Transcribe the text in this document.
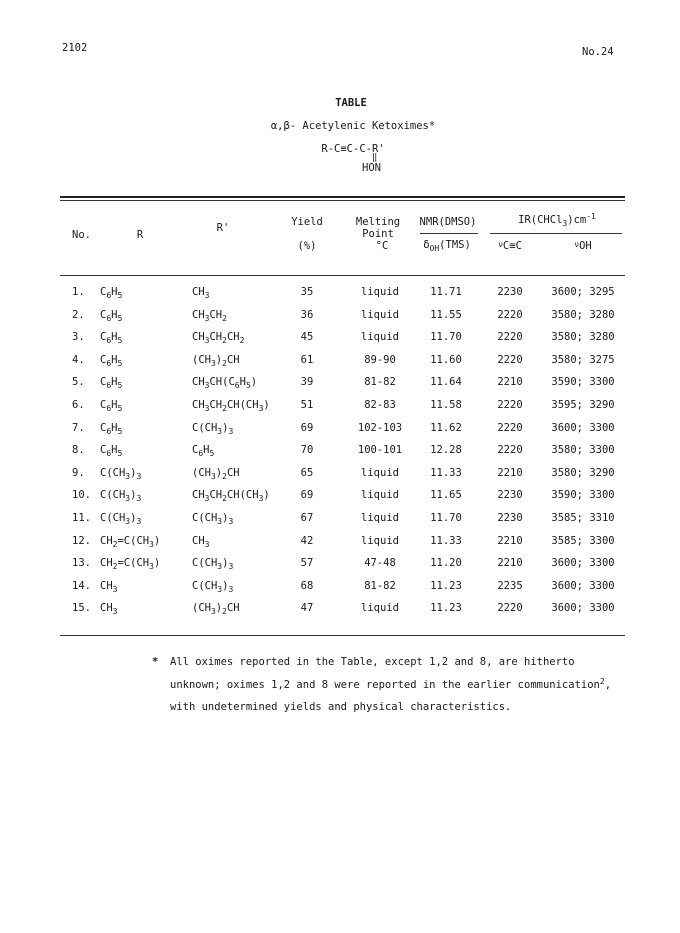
2102	No.24
TABLE
α,β- Acetylenic Ketoximes*
R-C≡C-C-R'
‖
HON
No.	R
R'	Yield
(%)
Melting
Point
°C
NMR(DMSO)
$\delta_{OH}(TMS)$
$IR(CHCl_3)cm^{-1}$
$^\nu$C≡C	$^\nu$OH
1. $C_6H_5$	$CH_3$	35	liquid	11.71	2230	3600; 3295
2. $C_6H_5$	$CH_3CH_2$	36	liquid	11.55	2220	3580; 3280
3. $C_6H_5$	$CH_3CH_2CH_2$	45	liquid	11.70	2220	3580; 3280
4. $C_6H_5$	$(CH_3)_2CH$	61	89-90	11.60	2220	3580; 3275
5. $C_6H_5$	$CH_3CH(C_6H_5)$	39	81-82	11.64	2210	3590; 3300
6. $C_6H_5$	$CH_3CH_2CH(CH_3)$	51	82-83	11.58	2220	3595; 3290
7. $C_6H_5$	$C(CH_3)_3$	69	102-103	11.62	2220	3600; 3300
8. $C_6H_5$	$C_6H_5$	70	100-101	12.28	2220	3580; 3300
9. $C(CH_3)_3$	$(CH_3)_2CH$	65	liquid	11.33	2210	3580; 3290
10. $C(CH_3)_3$	$CH_3CH_2CH(CH_3)$	69	liquid	11.65	2230	3590; 3300
11. $C(CH_3)_3$	$C(CH_3)_3$	67	liquid	11.70	2230	3585; 3310
12. $CH_2=C(CH_3)$	$CH_3$	42	liquid	11.33	2210	3585; 3300
13. $CH_2=C(CH_3)$	$C(CH_3)_3$	57	47-48	11.20	2210	3600; 3300
14. $CH_3$	$C(CH_3)_3$	68	81-82	11.23	2235	3600; 3300
15. $CH_3$	$(CH_3)_2CH$	47	liquid	11.23	2220	3600; 3300
* All oximes reported in the Table, except 1,2 and 8, are hitherto
unknown; oximes 1,2 and 8 were reported in the earlier communication$^2$,
with undetermined yields and physical characteristics.
